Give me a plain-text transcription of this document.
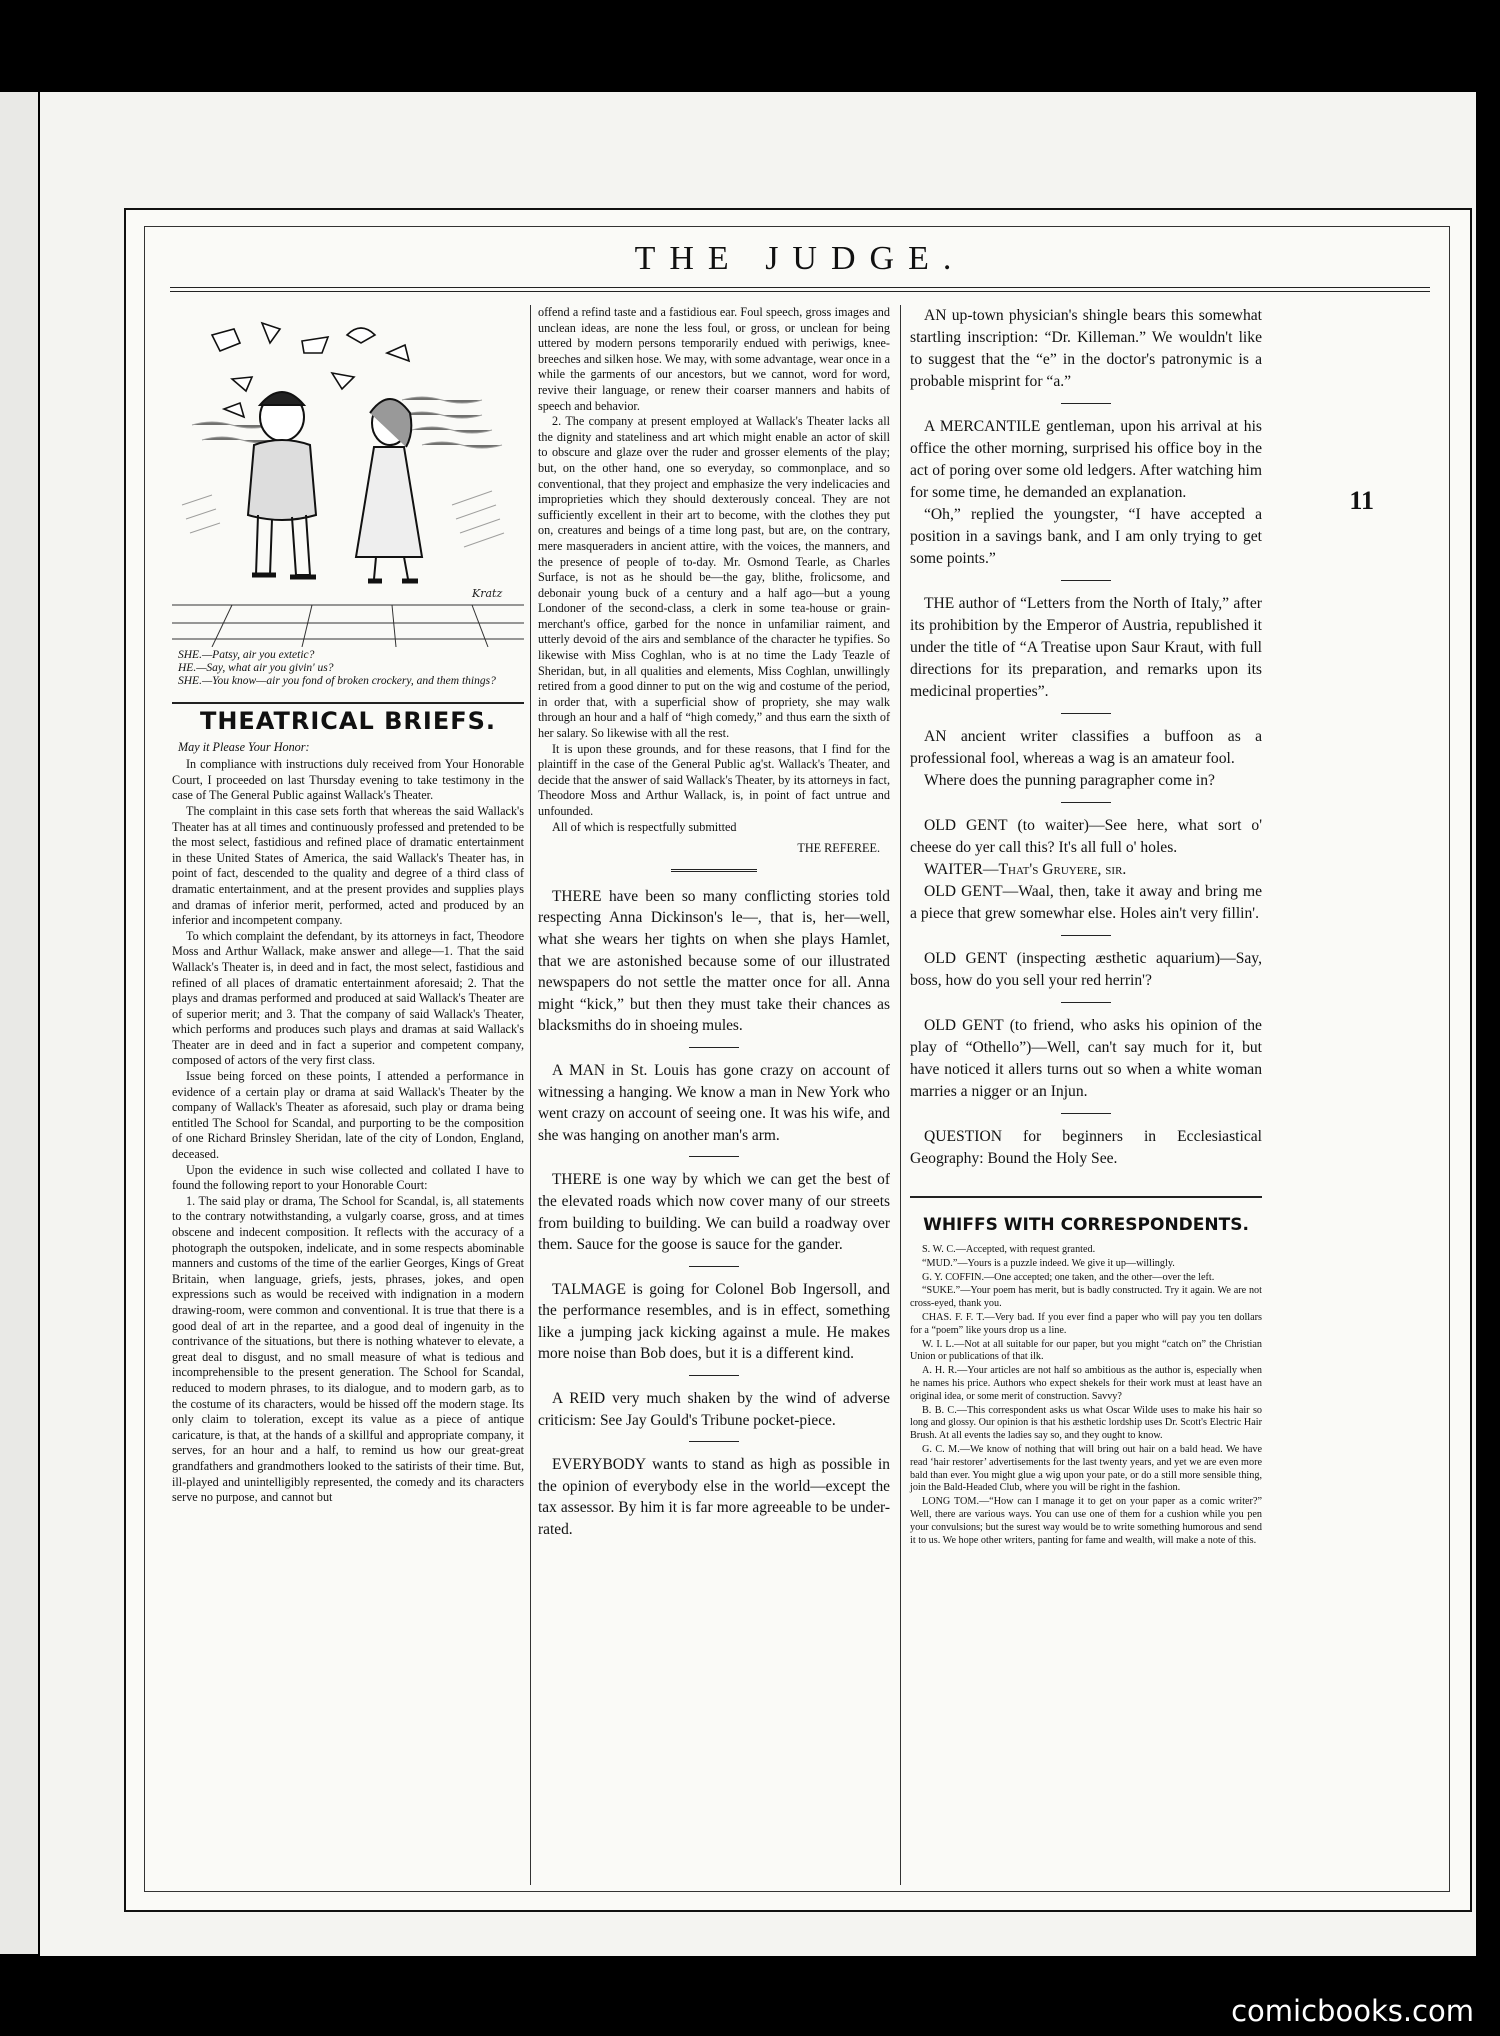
THE JUDGE.
11
Kratz
SHE.—Patsy, air you extetic?
HE.—Say, what air you givin' us?
SHE.—You know—air you fond of broken crockery, and them things?
THEATRICAL BRIEFS.
May it Please Your Honor:

In compliance with instructions duly received from Your Honorable Court, I proceeded on last Thursday evening to take testimony in the case of The General Public against Wallack's Theater.

The complaint in this case sets forth that whereas the said Wallack's Theater has at all times and continuously professed and pretended to be the most select, fastidious and refined place of dramatic entertainment in these United States of America, the said Wallack's Theater has, in point of fact, descended to the quality and degree of a third class of dramatic entertainment, and at the present provides and supplies plays and dramas of inferior merit, performed, acted and produced by an inferior and incompetent company.

To which complaint the defendant, by its attorneys in fact, Theodore Moss and Arthur Wallack, make answer and allege—1. That the said Wallack's Theater is, in deed and in fact, the most select, fastidious and refined of all places of dramatic entertainment aforesaid; 2. That the plays and dramas performed and produced at said Wallack's Theater are of superior merit; and 3. That the company of said Wallack's Theater, which performs and produces such plays and dramas at said Wallack's Theater are in deed and in fact a superior and competent company, composed of actors of the very first class.

Issue being forced on these points, I attended a performance in evidence of a certain play or drama at said Wallack's Theater by the company of Wallack's Theater as aforesaid, such play or drama being entitled The School for Scandal, and purporting to be the composition of one Richard Brinsley Sheridan, late of the city of London, England, deceased.

Upon the evidence in such wise collected and collated I have to found the following report to your Honorable Court:

1. The said play or drama, The School for Scandal, is, all statements to the contrary notwithstanding, a vulgarly coarse, gross, and at times obscene and indecent composition. It reflects with the accuracy of a photograph the outspoken, indelicate, and in some respects abominable manners and customs of the time of the earlier Georges, Kings of Great Britain, when language, griefs, jests, phrases, jokes, and open expressions such as would be received with indignation in a modern drawing-room, were common and conventional. It is true that there is a good deal of art in the repartee, and a good deal of ingenuity in the contrivance of the situations, but there is nothing whatever to elevate, a great deal to disgust, and no small measure of what is tedious and incomprehensible to the present generation. The School for Scandal, reduced to modern phrases, to its dialogue, and to modern garb, as to the costume of its characters, would be hissed off the modern stage. Its only claim to toleration, except its value as a piece of antique caricature, is that, at the hands of a skillful and appropriate company, it serves, for an hour and a half, to remind us how our great-great grandfathers and grandmothers looked to the satirists of their time. But, ill-played and unintelligibly represented, the comedy and its characters serve no purpose, and cannot but

offend a refind taste and a fastidious ear. Foul speech, gross images and unclean ideas, are none the less foul, or gross, or unclean for being uttered by modern persons temporarily endued with periwigs, knee-breeches and silken hose. We may, with some advantage, wear once in a while the garments of our ancestors, but we cannot, word for word, revive their language, or renew their coarser manners and habits of speech and behavior.

2. The company at present employed at Wallack's Theater lacks all the dignity and stateliness and art which might enable an actor of skill to obscure and glaze over the ruder and grosser elements of the play; but, on the other hand, one so everyday, so commonplace, and so conventional, that they project and emphasize the very indelicacies and improprieties which they should dexterously conceal. They are not sufficiently excellent in their art to become, with the clothes they put on, creatures and beings of a time long past, but are, on the contrary, mere masqueraders in ancient attire, with the voices, the manners, and the presence of people of to-day. Mr. Osmond Tearle, as Charles Surface, is not as he should be—the gay, blithe, frolicsome, and debonair young buck of a century and a half ago—but a young Londoner of the second-class, a clerk in some tea-house or grain-merchant's office, garbed for the nonce in unfamiliar raiment, and utterly devoid of the airs and semblance of the character he typifies. So likewise with Miss Coghlan, who is at no time the Lady Teazle of Sheridan, but, in all qualities and elements, Miss Coghlan, unwillingly retired from a good dinner to put on the wig and costume of the period, in order that, with a superficial show of propriety, she may walk through an hour and a half of “high comedy,” and thus earn the sixth of her salary. So likewise with all the rest.

It is upon these grounds, and for these reasons, that I find for the plaintiff in the case of the General Public ag'st. Wallack's Theater, and decide that the answer of said Wallack's Theater, by its attorneys in fact, Theodore Moss and Arthur Wallack, is, in point of fact untrue and unfounded.

All of which is respectfully submitted

THE REFEREE.

THERE have been so many conflicting stories told respecting Anna Dickinson's le—, that is, her—well, what she wears her tights on when she plays Hamlet, that we are astonished because some of our illustrated newspapers do not settle the matter once for all. Anna might “kick,” but then they must take their chances as blacksmiths do in shoeing mules.

A MAN in St. Louis has gone crazy on account of witnessing a hanging. We know a man in New York who went crazy on account of seeing one. It was his wife, and she was hanging on another man's arm.

THERE is one way by which we can get the best of the elevated roads which now cover many of our streets from building to building. We can build a roadway over them. Sauce for the goose is sauce for the gander.

TALMAGE is going for Colonel Bob Ingersoll, and the performance resembles, and is in effect, something like a jumping jack kicking against a mule. He makes more noise than Bob does, but it is a different kind.

A REID very much shaken by the wind of adverse criticism: See Jay Gould's Tribune pocket-piece.

EVERYBODY wants to stand as high as possible in the opinion of everybody else in the world—except the tax assessor. By him it is far more agreeable to be under-rated.

AN up-town physician's shingle bears this somewhat startling inscription: “Dr. Killeman.” We wouldn't like to suggest that the “e” in the doctor's patronymic is a probable misprint for “a.”

A MERCANTILE gentleman, upon his arrival at his office the other morning, surprised his office boy in the act of poring over some old ledgers. After watching him for some time, he demanded an explanation.

“Oh,” replied the youngster, “I have accepted a position in a savings bank, and I am only trying to get some points.”

THE author of “Letters from the North of Italy,” after its prohibition by the Emperor of Austria, republished it under the title of “A Treatise upon Saur Kraut, with full directions for its preparation, and remarks upon its medicinal properties”.

AN ancient writer classifies a buffoon as a professional fool, whereas a wag is an amateur fool.

Where does the punning paragrapher come in?

OLD GENT (to waiter)—See here, what sort o' cheese do yer call this? It's all full o' holes.

WAITER—That's Gruyere, sir.

OLD GENT—Waal, then, take it away and bring me a piece that grew somewhar else. Holes ain't very fillin'.

OLD GENT (inspecting æsthetic aquarium)—Say, boss, how do you sell your red herrin'?

OLD GENT (to friend, who asks his opinion of the play of “Othello”)—Well, can't say much for it, but have noticed it allers turns out so when a white woman marries a nigger or an Injun.

QUESTION for beginners in Ecclesiastical Geography: Bound the Holy See.

WHIFFS WITH CORRESPONDENTS.

S. W. C.—Accepted, with request granted.

“MUD.”—Yours is a puzzle indeed. We give it up—willingly.

G. Y. COFFIN.—One accepted; one taken, and the other—over the left.

“SUKE.”—Your poem has merit, but is badly constructed. Try it again. We are not cross-eyed, thank you.

CHAS. F. F. T.—Very bad. If you ever find a paper who will pay you ten dollars for a “poem” like yours drop us a line.

W. I. L.—Not at all suitable for our paper, but you might “catch on” the Christian Union or publications of that ilk.

A. H. R.—Your articles are not half so ambitious as the author is, especially when he names his price. Authors who expect shekels for their work must at least have an original idea, or some merit of construction. Savvy?

B. B. C.—This correspondent asks us what Oscar Wilde uses to make his hair so long and glossy. Our opinion is that his æsthetic lordship uses Dr. Scott's Electric Hair Brush. At all events the ladies say so, and they ought to know.

G. C. M.—We know of nothing that will bring out hair on a bald head. We have read ‘hair restorer’ advertisements for the last twenty years, and yet we are even more bald than ever. You might glue a wig upon your pate, or do a still more sensible thing, join the Bald-Headed Club, where you will be right in the fashion.

LONG TOM.—“How can I manage it to get on your paper as a comic writer?” Well, there are various ways. You can use one of them for a cushion while you pen your convulsions; but the surest way would be to write something humorous and send it to us. We hope other writers, panting for fame and wealth, will make a note of this.

comicbooks.com
